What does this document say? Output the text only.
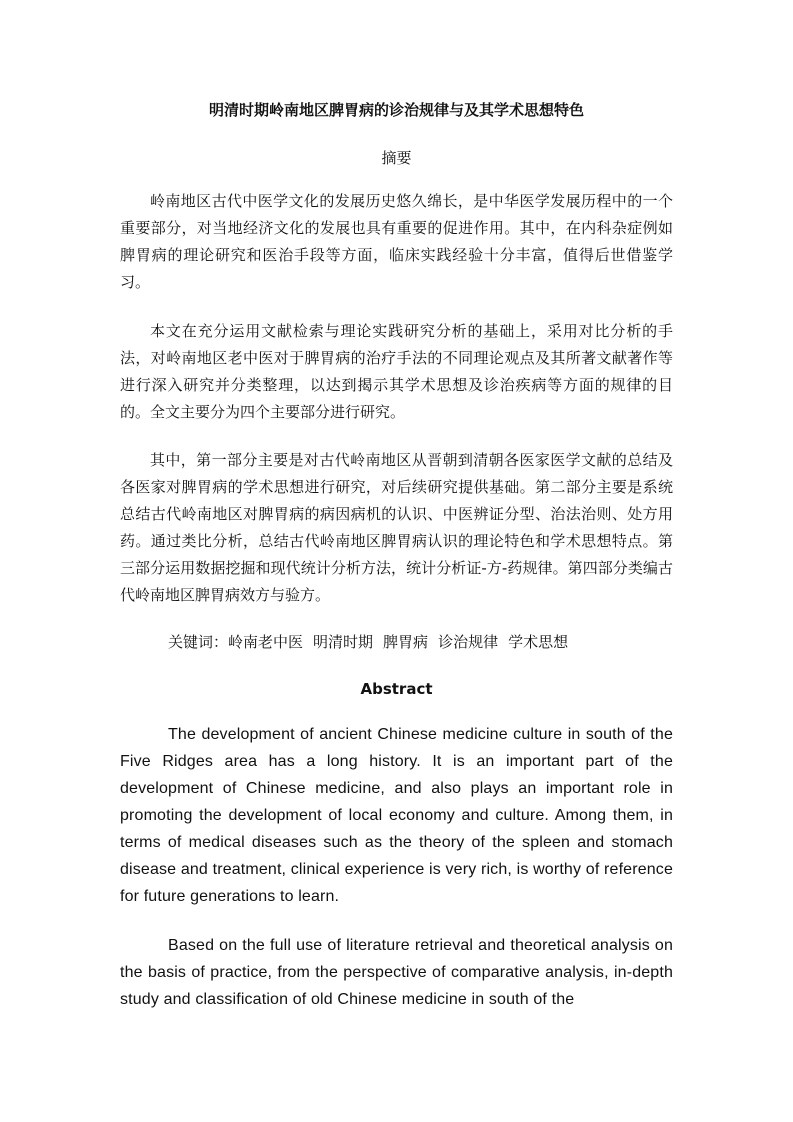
明清时期岭南地区脾胃病的诊治规律与及其学术思想特色
摘要

岭南地区古代中医学文化的发展历史悠久绵长，是中华医学发展历程中的一个重要部分，对当地经济文化的发展也具有重要的促进作用。其中，在内科杂症例如脾胃病的理论研究和医治手段等方面，临床实践经验十分丰富，值得后世借鉴学习。

本文在充分运用文献检索与理论实践研究分析的基础上，采用对比分析的手法，对岭南地区老中医对于脾胃病的治疗手法的不同理论观点及其所著文献著作等进行深入研究并分类整理，以达到揭示其学术思想及诊治疾病等方面的规律的目的。全文主要分为四个主要部分进行研究。

其中，第一部分主要是对古代岭南地区从晋朝到清朝各医家医学文献的总结及各医家对脾胃病的学术思想进行研究，对后续研究提供基础。第二部分主要是系统总结古代岭南地区对脾胃病的病因病机的认识、中医辨证分型、治法治则、处方用药。通过类比分析，总结古代岭南地区脾胃病认识的理论特色和学术思想特点。第三部分运用数据挖掘和现代统计分析方法，统计分析证-方-药规律。第四部分类编古代岭南地区脾胃病效方与验方。

关键词：岭南老中医 明清时期 脾胃病 诊治规律 学术思想
Abstract

The development of ancient Chinese medicine culture in south of the Five Ridges area has a long history. It is an important part of the development of Chinese medicine, and also plays an important role in promoting the development of local economy and culture. Among them, in terms of medical diseases such as the theory of the spleen and stomach disease and treatment, clinical experience is very rich, is worthy of reference for future generations to learn.

Based on the full use of literature retrieval and theoretical analysis on the basis of practice, from the perspective of comparative analysis, in-depth study and classification of old Chinese medicine in south of the
